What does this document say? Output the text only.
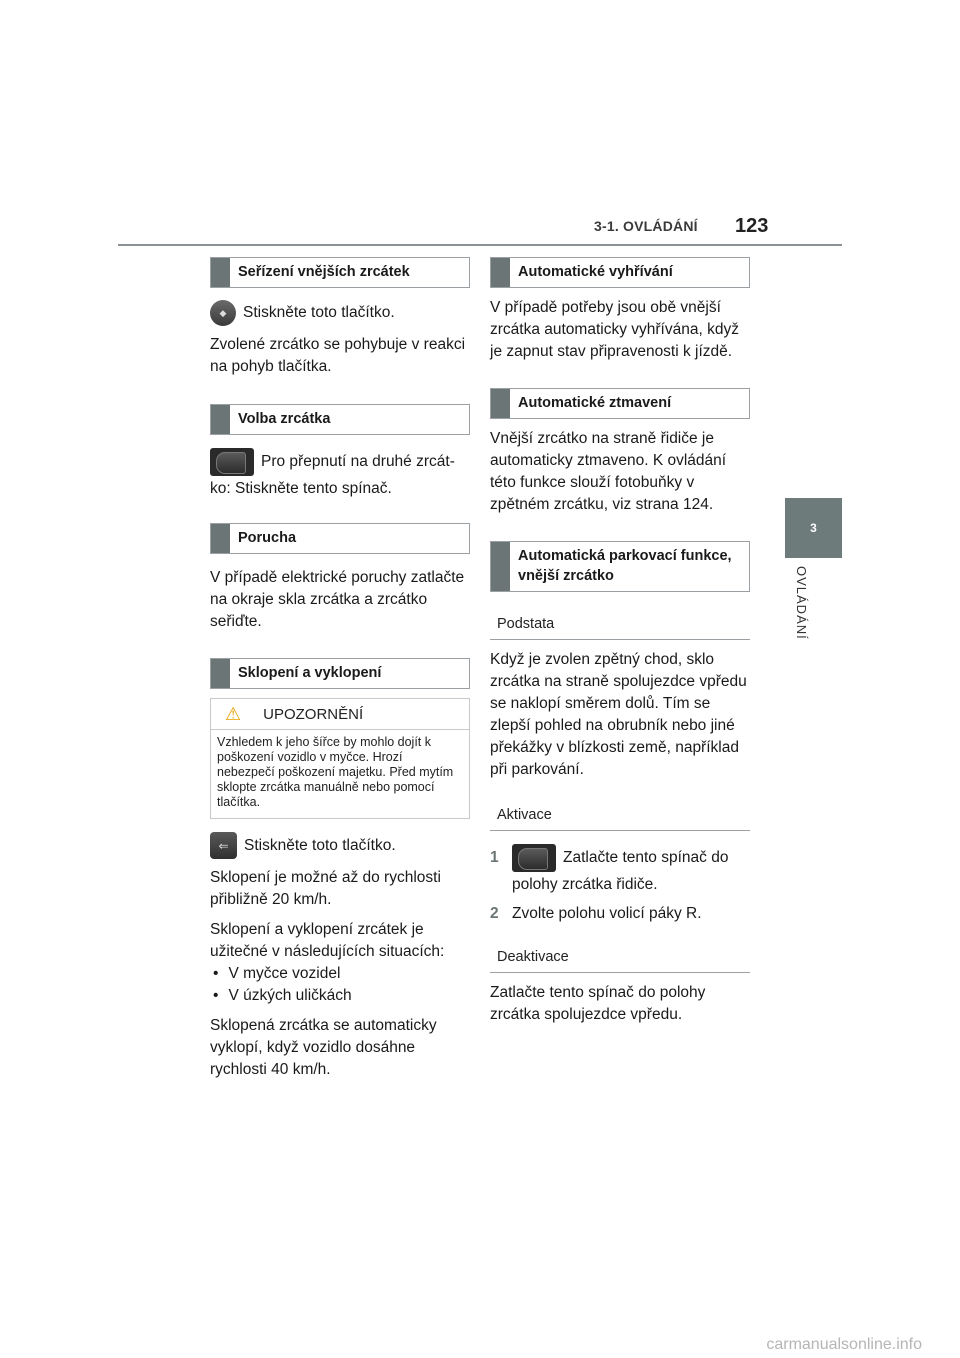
3-1. OVLÁDÁNÍ 123
3
OVLÁDÁNÍ
Seřízení vnějších zrcátek
◆ Stiskněte toto tlačítko.

Zvolené zrcátko se pohybuje v reakci na pohyb tlačítka.

Volba zrcátka

Pro přepnutí na druhé zrcát-

ko: Stiskněte tento spínač.

Porucha

V případě elektrické poruchy zatlačte na okraje skla zrcátka a zrcátko seřiďte.

Sklopení a vyklopení
⚠ UPOZORNĚNÍ
Vzhledem k jeho šířce by mohlo dojít k poškození vozidlo v myčce. Hrozí nebezpečí poškození majetku. Před mytím sklopte zrcátka manuálně nebo pomocí tlačítka.
⇐ Stiskněte toto tlačítko.

Sklopení je možné až do rychlosti přibližně 20 km/h.

Sklopení a vyklopení zrcátek je užitečné v následujících situacích:

• V myčce vozidel
• V úzkých uličkách

Sklopená zrcátka se automaticky vyklopí, když vozidlo dosáhne rychlosti 40 km/h.

Automatické vyhřívání

V případě potřeby jsou obě vnější zrcátka automaticky vyhřívána, když je zapnut stav připravenosti k jízdě.

Automatické ztmavení

Vnější zrcátko na straně řidiče je automaticky ztmaveno. K ovládání této funkce slouží fotobuňky v zpětném zrcátku, viz strana 124.

Automatická parkovací funkce, vnější zrcátko
Podstata

Když je zvolen zpětný chod, sklo zrcátka na straně spolujezdce vpředu se naklopí směrem dolů. Tím se zlepší pohled na obrubník nebo jiné překážky v blízkosti země, například při parkování.

Aktivace
1	Zatlačte tento spínač do
polohy zrcátka řidiče.
2 Zvolte polohu volicí páky R.
Deaktivace

Zatlačte tento spínač do polohy zrcátka spolujezdce vpředu.

carmanualsonline.info
